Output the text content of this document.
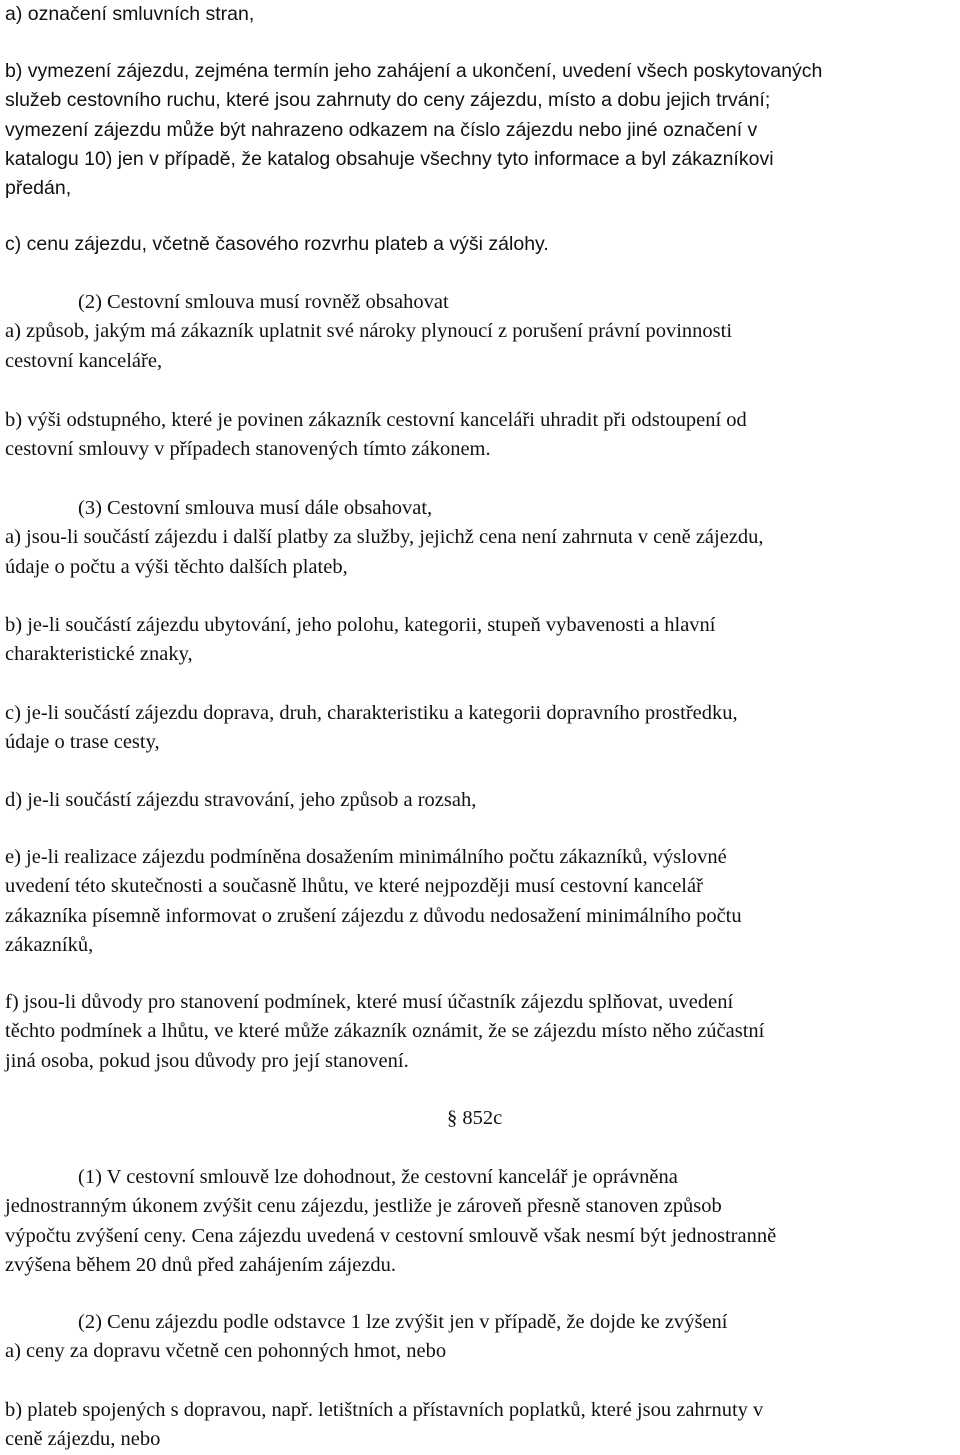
a) označení smluvních stran,
b) vymezení zájezdu, zejména termín jeho zahájení a ukončení, uvedení všech poskytovaných
služeb cestovního ruchu, které jsou zahrnuty do ceny zájezdu, místo a dobu jejich trvání;
vymezení zájezdu může být nahrazeno odkazem na číslo zájezdu nebo jiné označení v
katalogu 10) jen v případě, že katalog obsahuje všechny tyto informace a byl zákazníkovi
předán,
c) cenu zájezdu, včetně časového rozvrhu plateb a výši zálohy.
(2) Cestovní smlouva musí rovněž obsahovat
a) způsob, jakým má zákazník uplatnit své nároky plynoucí z porušení právní povinnosti
cestovní kanceláře,
b) výši odstupného, které je povinen zákazník cestovní kanceláři uhradit při odstoupení od
cestovní smlouvy v případech stanovených tímto zákonem.
(3) Cestovní smlouva musí dále obsahovat,
a) jsou-li součástí zájezdu i další platby za služby, jejichž cena není zahrnuta v ceně zájezdu,
údaje o počtu a výši těchto dalších plateb,
b) je-li součástí zájezdu ubytování, jeho polohu, kategorii, stupeň vybavenosti a hlavní
charakteristické znaky,
c) je-li součástí zájezdu doprava, druh, charakteristiku a kategorii dopravního prostředku,
údaje o trase cesty,
d) je-li součástí zájezdu stravování, jeho způsob a rozsah,
e) je-li realizace zájezdu podmíněna dosažením minimálního počtu zákazníků, výslovné
uvedení této skutečnosti a současně lhůtu, ve které nejpozději musí cestovní kancelář
zákazníka písemně informovat o zrušení zájezdu z důvodu nedosažení minimálního počtu
zákazníků,
f) jsou-li důvody pro stanovení podmínek, které musí účastník zájezdu splňovat, uvedení
těchto podmínek a lhůtu, ve které může zákazník oznámit, že se zájezdu místo něho zúčastní
jiná osoba, pokud jsou důvody pro její stanovení.
§ 852c
(1) V cestovní smlouvě lze dohodnout, že cestovní kancelář je oprávněna
jednostranným úkonem zvýšit cenu zájezdu, jestliže je zároveň přesně stanoven způsob
výpočtu zvýšení ceny. Cena zájezdu uvedená v cestovní smlouvě však nesmí být jednostranně
zvýšena během 20 dnů před zahájením zájezdu.
(2) Cenu zájezdu podle odstavce 1 lze zvýšit jen v případě, že dojde ke zvýšení
a) ceny za dopravu včetně cen pohonných hmot, nebo
b) plateb spojených s dopravou, např. letištních a přístavních poplatků, které jsou zahrnuty v
ceně zájezdu, nebo
